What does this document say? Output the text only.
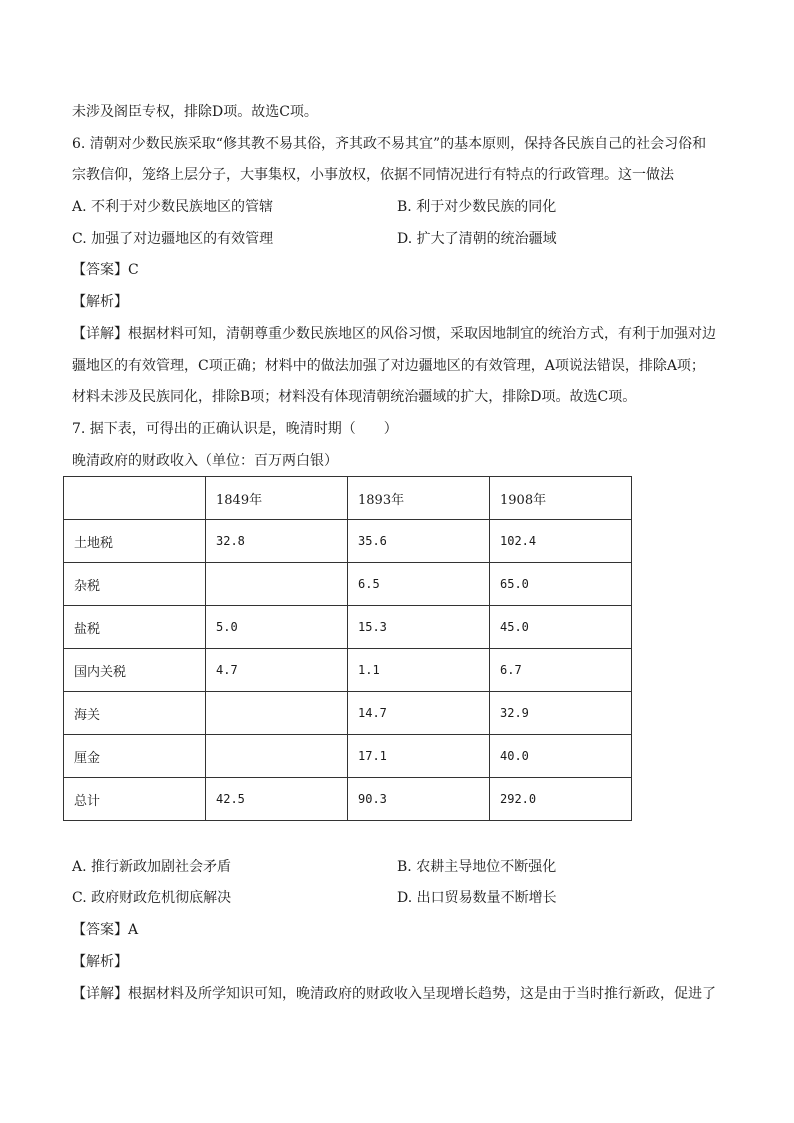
未涉及阁臣专权，排除D项。故选C项。
6. 清朝对少数民族采取“修其教不易其俗，齐其政不易其宜”的基本原则，保持各民族自己的社会习俗和
宗教信仰，笼络上层分子，大事集权，小事放权，依据不同情况进行有特点的行政管理。这一做法
A. 不利于对少数民族地区的管辖	B. 利于对少数民族的同化
C. 加强了对边疆地区的有效管理	D. 扩大了清朝的统治疆域
【答案】C
【解析】
【详解】根据材料可知，清朝尊重少数民族地区的风俗习惯，采取因地制宜的统治方式，有利于加强对边
疆地区的有效管理，C项正确；材料中的做法加强了对边疆地区的有效管理，A项说法错误，排除A项；
材料未涉及民族同化，排除B项；材料没有体现清朝统治疆域的扩大，排除D项。故选C项。
7. 据下表，可得出的正确认识是，晚清时期（　　）
晚清政府的财政收入（单位：百万两白银）
	1849年	1893年	1908年
土地税	32.8	35.6	102.4
杂税		6.5	65.0
盐税	5.0	15.3	45.0
国内关税	4.7	1.1	6.7
海关		14.7	32.9
厘金		17.1	40.0
总计	42.5	90.3	292.0
A. 推行新政加剧社会矛盾	B. 农耕主导地位不断强化
C. 政府财政危机彻底解决	D. 出口贸易数量不断增长
【答案】A
【解析】
【详解】根据材料及所学知识可知，晚清政府的财政收入呈现增长趋势，这是由于当时推行新政，促进了
